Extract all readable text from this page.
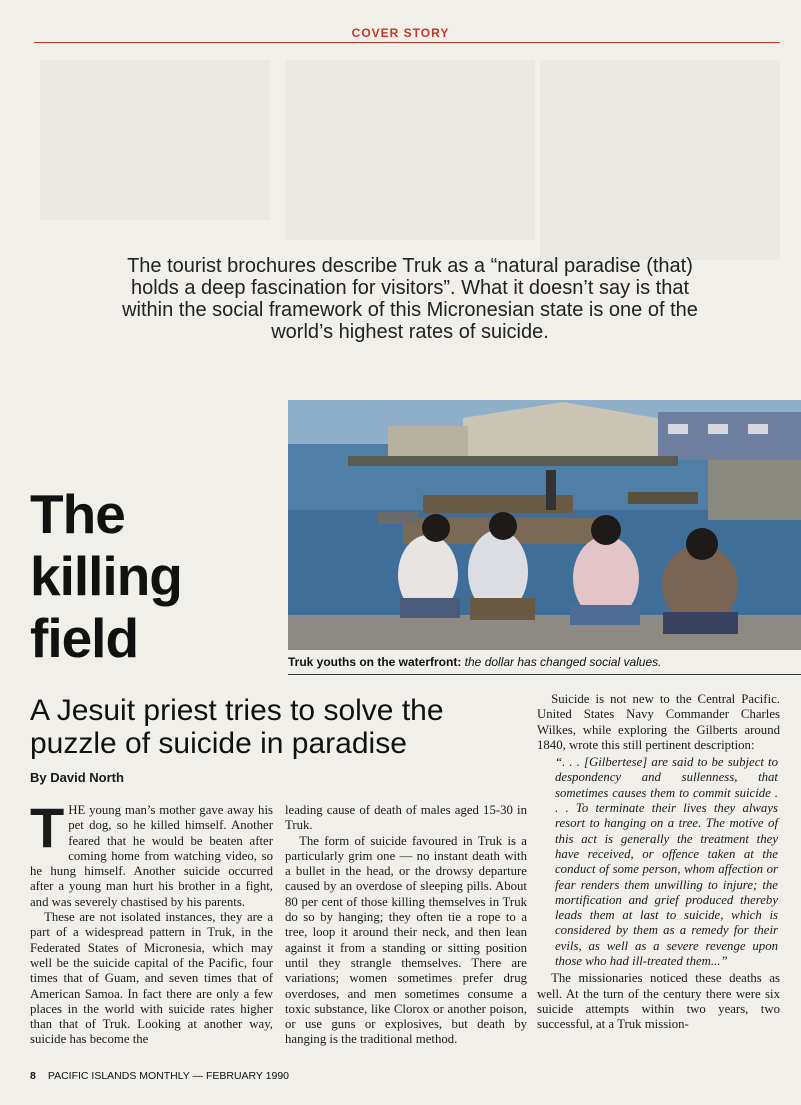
COVER STORY
The tourist brochures describe Truk as a “natural paradise (that) holds a deep fascination for visitors”. What it doesn’t say is that within the social framework of this Micronesian state is one of the world’s highest rates of suicide.
The
killing
field	Truk youths on the waterfront: the dollar has changed social values.
A Jesuit priest tries to solve the puzzle of suicide in paradise
By David North

THE young man’s mother gave away his pet dog, so he killed himself. Another feared that he would be beaten after coming home from watching video, so he hung himself. Another suicide occurred after a young man hurt his brother in a fight, and was severely chastised by his parents.

These are not isolated instances, they are a part of a widespread pattern in Truk, in the Federated States of Micronesia, which may well be the suicide capital of the Pacific, four times that of Guam, and seven times that of American Samoa. In fact there are only a few places in the world with suicide rates higher than that of Truk. Looking at another way, suicide has become the

leading cause of death of males aged 15-30 in Truk.

The form of suicide favoured in Truk is a particularly grim one — no instant death with a bullet in the head, or the drowsy departure caused by an overdose of sleeping pills. About 80 per cent of those killing themselves in Truk do so by hanging; they often tie a rope to a tree, loop it around their neck, and then lean against it from a standing or sitting position until they strangle themselves. There are variations; women sometimes prefer drug overdoses, and men sometimes consume a toxic substance, like Clorox or another poison, or use guns or explosives, but death by hanging is the traditional method.

Suicide is not new to the Central Pacific. United States Navy Commander Charles Wilkes, while exploring the Gilberts around 1840, wrote this still pertinent description:

“. . . [Gilbertese] are said to be subject to despondency and sullenness, that sometimes causes them to commit suicide . . . To terminate their lives they always resort to hanging on a tree. The motive of this act is generally the treatment they have received, or offence taken at the conduct of some person, whom affection or fear renders them unwilling to injure; the mortification and grief produced thereby leads them at last to suicide, which is considered by them as a remedy for their evils, as well as a severe revenge upon those who had ill-treated them...”

The missionaries noticed these deaths as well. At the turn of the century there were six suicide attempts within two years, two successful, at a Truk mission-

8 PACIFIC ISLANDS MONTHLY — FEBRUARY 1990
